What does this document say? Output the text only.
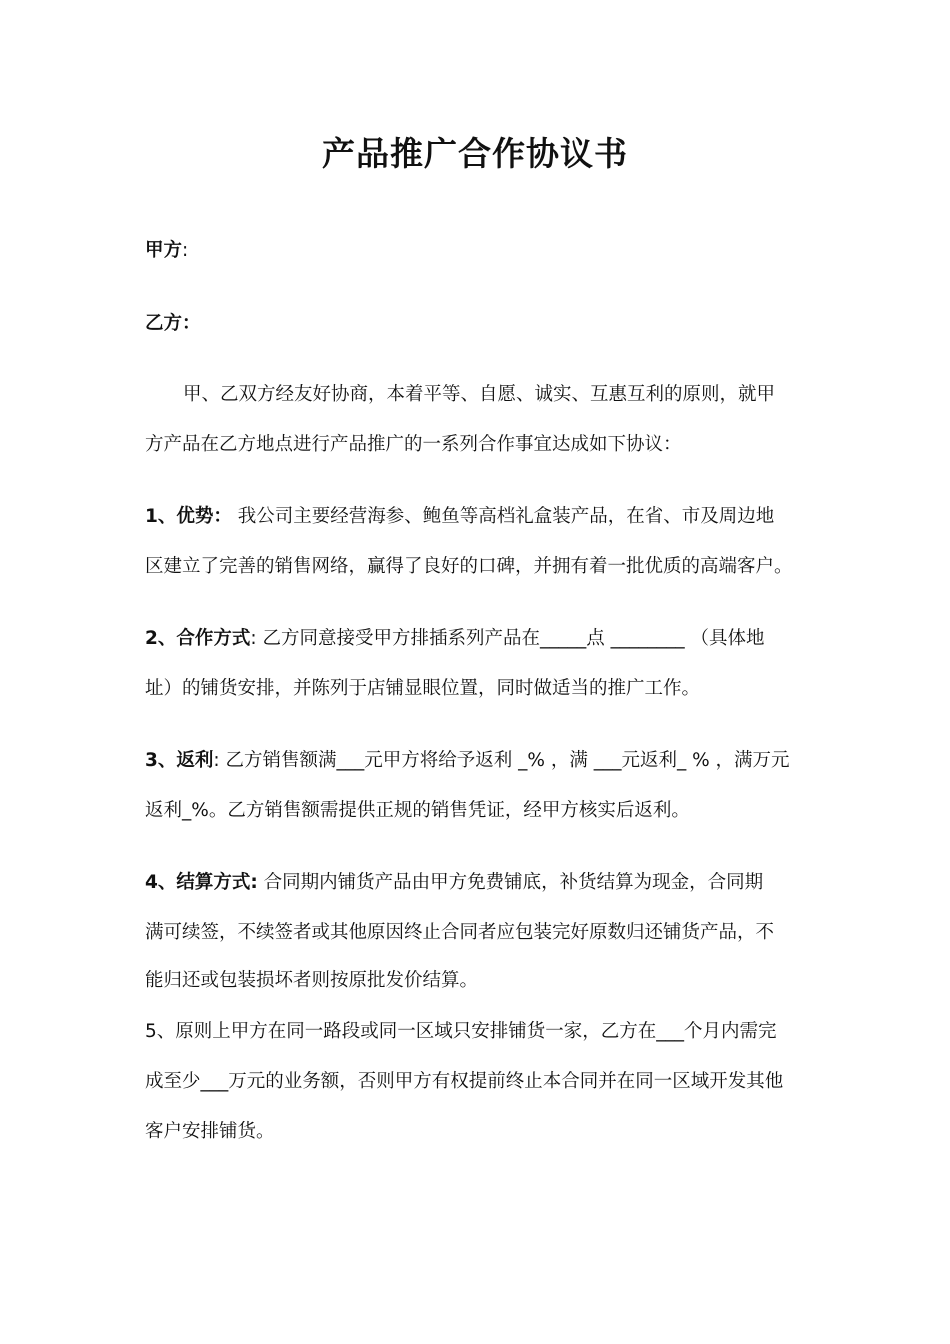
产品推广合作协议书
甲方:
乙方：
甲、乙双方经友好协商，本着平等、自愿、诚实、互惠互利的原则，就甲
方产品在乙方地点进行产品推广的一系列合作事宜达成如下协议：
1、优势： 我公司主要经营海参、鲍鱼等高档礼盒装产品，在省、市及周边地
区建立了完善的销售网络，赢得了良好的口碑，并拥有着一批优质的高端客户。
2、合作方式: 乙方同意接受甲方排插系列产品在_____点 ________ （具体地
址）的铺货安排，并陈列于店铺显眼位置，同时做适当的推广工作。
3、返利: 乙方销售额满___元甲方将给予返利 _% ，满 ___元返利_ % ，满万元
返利_%。乙方销售额需提供正规的销售凭证，经甲方核实后返利。
4、结算方式: 合同期内铺货产品由甲方免费铺底，补货结算为现金，合同期
满可续签，不续签者或其他原因终止合同者应包装完好原数归还铺货产品，不
能归还或包装损坏者则按原批发价结算。
5、原则上甲方在同一路段或同一区域只安排铺货一家，乙方在___个月内需完
成至少___万元的业务额，否则甲方有权提前终止本合同并在同一区域开发其他
客户安排铺货。
